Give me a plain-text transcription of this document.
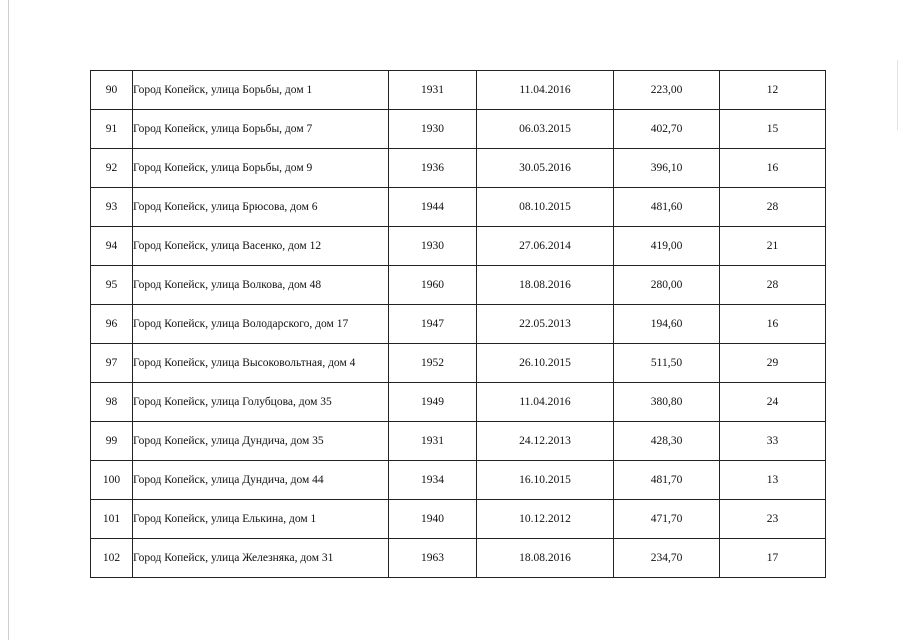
90	Город Копейск, улица Борьбы, дом 1	1931	11.04.2016	223,00	12
91	Город Копейск, улица Борьбы, дом 7	1930	06.03.2015	402,70	15
92	Город Копейск, улица Борьбы, дом 9	1936	30.05.2016	396,10	16
93	Город Копейск, улица Брюсова, дом 6	1944	08.10.2015	481,60	28
94	Город Копейск, улица Васенко, дом 12	1930	27.06.2014	419,00	21
95	Город Копейск, улица Волкова, дом 48	1960	18.08.2016	280,00	28
96	Город Копейск, улица Володарского, дом 17	1947	22.05.2013	194,60	16
97	Город Копейск, улица Высоковольтная, дом 4	1952	26.10.2015	511,50	29
98	Город Копейск, улица Голубцова, дом 35	1949	11.04.2016	380,80	24
99	Город Копейск, улица Дундича, дом 35	1931	24.12.2013	428,30	33
100	Город Копейск, улица Дундича, дом 44	1934	16.10.2015	481,70	13
101	Город Копейск, улица Елькина, дом 1	1940	10.12.2012	471,70	23
102	Город Копейск, улица Железняка, дом 31	1963	18.08.2016	234,70	17
